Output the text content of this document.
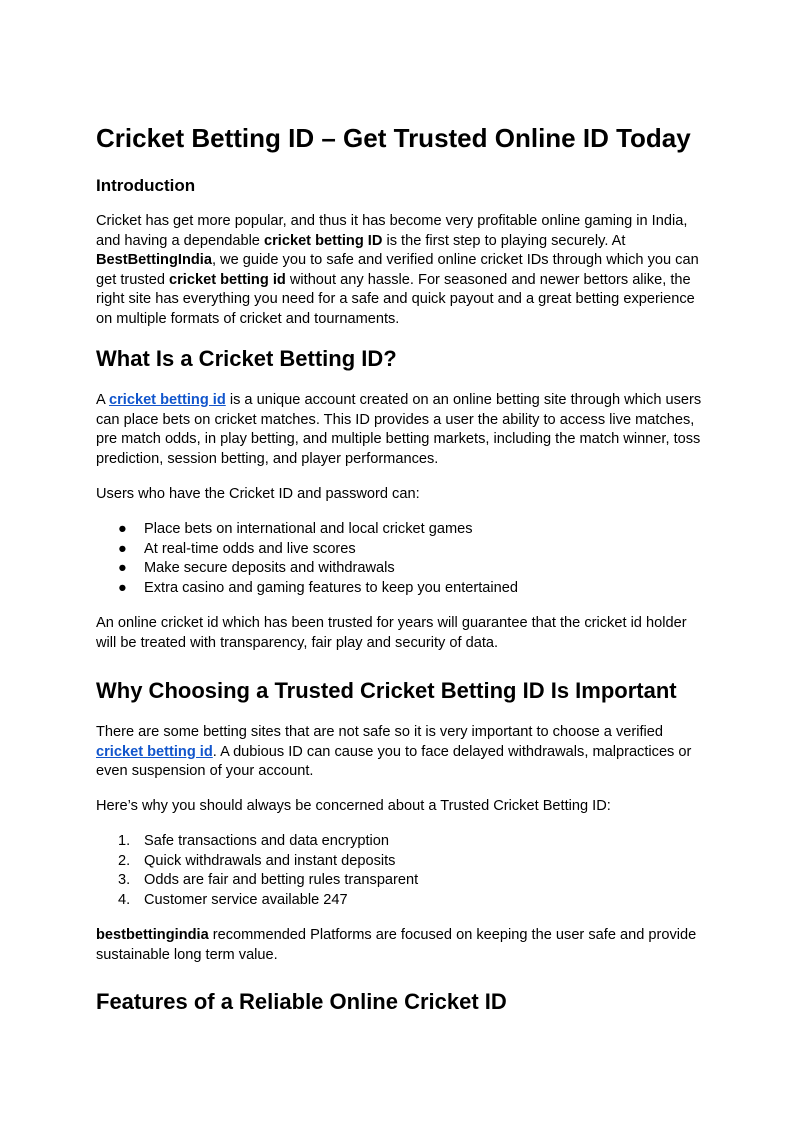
Cricket Betting ID – Get Trusted Online ID Today
Introduction

Cricket has get more popular, and thus it has become very profitable online gaming in India, and having a dependable cricket betting ID is the first step to playing securely. At BestBettingIndia, we guide you to safe and verified online cricket IDs through which you can get trusted cricket betting id without any hassle. For seasoned and newer bettors alike, the right site has everything you need for a safe and quick payout and a great betting experience on multiple formats of cricket and tournaments.

What Is a Cricket Betting ID?

A cricket betting id is a unique account created on an online betting site through which users can place bets on cricket matches. This ID provides a user the ability to access live matches, pre match odds, in play betting, and multiple betting markets, including the match winner, toss prediction, session betting, and player performances.

Users who have the Cricket ID and password can:

● Place bets on international and local cricket games
● At real-time odds and live scores
● Make secure deposits and withdrawals
● Extra casino and gaming features to keep you entertained

An online cricket id which has been trusted for years will guarantee that the cricket id holder will be treated with transparency, fair play and security of data.

Why Choosing a Trusted Cricket Betting ID Is Important

There are some betting sites that are not safe so it is very important to choose a verified cricket betting id. A dubious ID can cause you to face delayed withdrawals, malpractices or even suspension of your account.

Here’s why you should always be concerned about a Trusted Cricket Betting ID:

1. Safe transactions and data encryption
2. Quick withdrawals and instant deposits
3. Odds are fair and betting rules transparent
4. Customer service available 247

bestbettingindia recommended Platforms are focused on keeping the user safe and provide sustainable long term value.

Features of a Reliable Online Cricket ID
